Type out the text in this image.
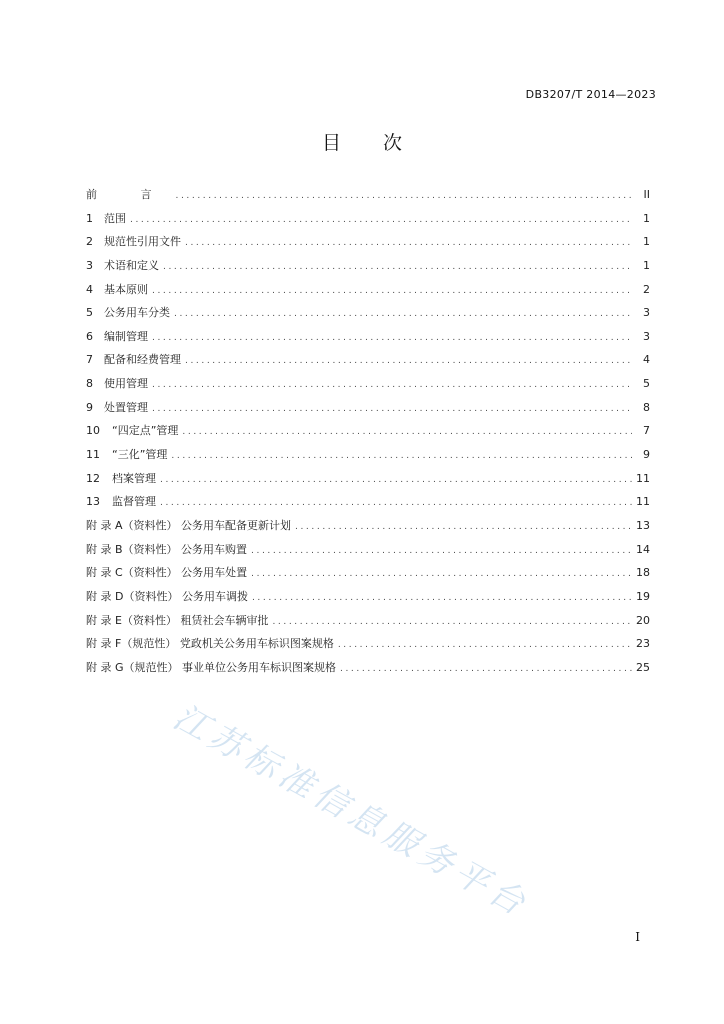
DB3207/T 2014—2023
目 次
前 言 .....	II
1	范围 .....	1
2	规范性引用文件 .....	1
3	术语和定义 .....	1
4	基本原则 .....	2
5	公务用车分类 .....	3
6	编制管理 .....	3
7	配备和经费管理 .....	4
8	使用管理 .....	5
9	处置管理 .....	8
10	“四定点”管理 .....	7
11	“三化”管理 .....	9
12	档案管理 .....	11
13	监督管理 .....	11
附 录 A（资料性） 公务用车配备更新计划 .....	13
附 录 B（资料性） 公务用车购置 .....	14
附 录 C（资料性） 公务用车处置 .....	18
附 录 D（资料性） 公务用车调拨 .....	19
附 录 E（资料性） 租赁社会车辆审批 .....	20
附 录 F（规范性） 党政机关公务用车标识图案规格 .....	23
附 录 G（规范性） 事业单位公务用车标识图案规格 .....	25
江苏标准信息服务平台
I
